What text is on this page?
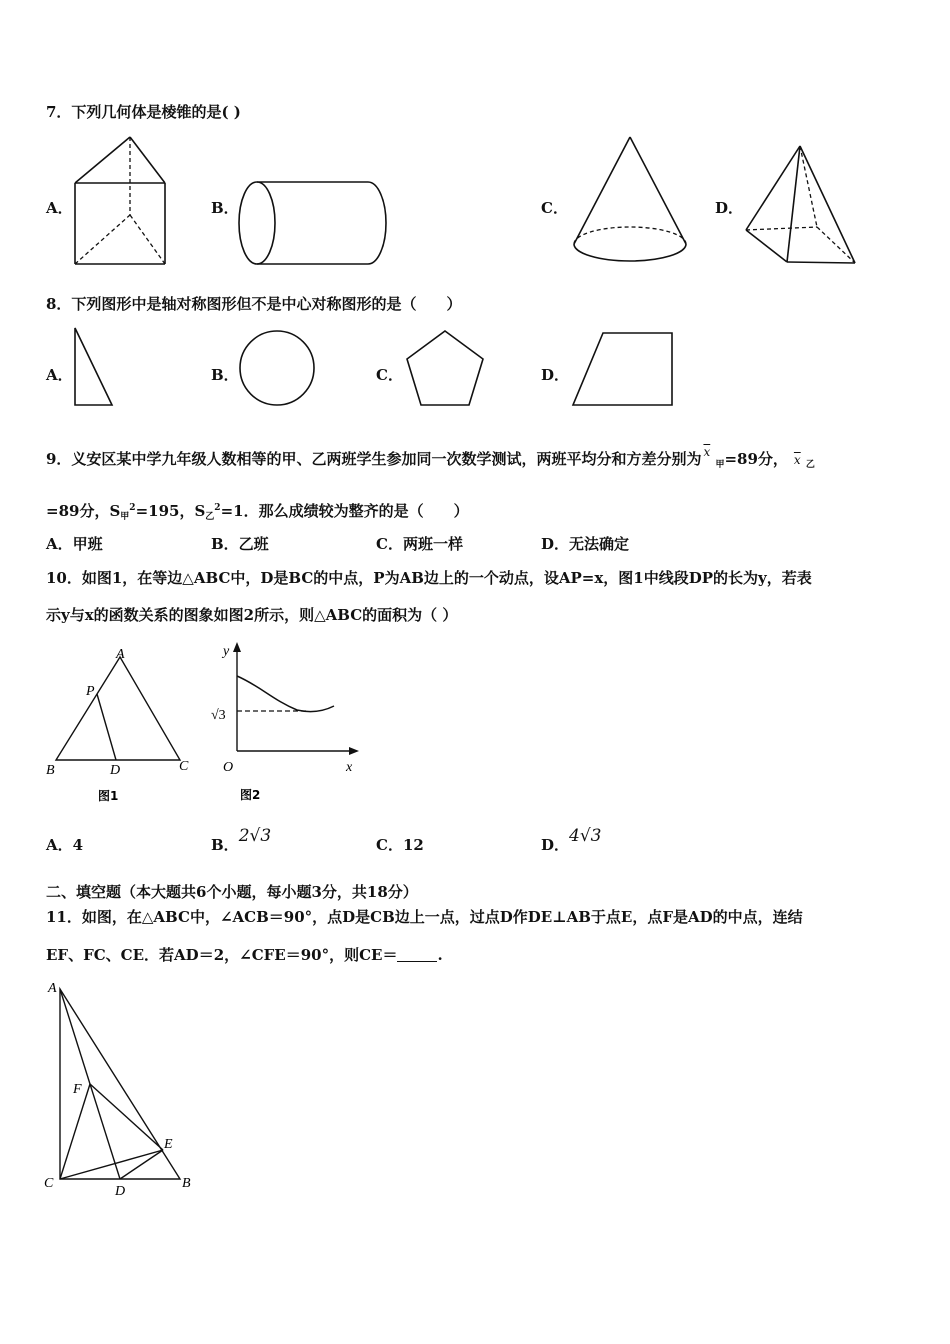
7．下列几何体是棱锥的是( )
A．	B．	C．	D．
8．下列图形中是轴对称图形但不是中心对称图形的是（　　）
A．	B．	C．	D．
9．义安区某中学九年级人数相等的甲、乙两班学生参加同一次数学测试，两班平均分和方差分别为 $\overline{x}$
$_甲$=89分， $\overline{x}$ $_乙$
=89分，$S_甲^2=195$，$S_乙^2=1$．那么成绩较为整齐的是（　　）
A．甲班	B．乙班	C．两班一样	D．无法确定
10．如图1，在等边△ABC中，D是BC的中点，P为AB边上的一个动点，设AP=x，图1中线段DP的长为y，若表
示y与x的函数关系的图象如图2所示，则△ABC的面积为（ ）
A
P
B	D	C
图1
y
O	x
√3
图2
A．4	B．2√3	C．12	D．4√3
二、填空题（本大题共6个小题，每小题3分，共18分）
11．如图，在△ABC中，∠ACB＝90°，点D是CB边上一点，过点D作DE⊥AB于点E，点F是AD的中点，连结
EF、FC、CE．若AD＝2，∠CFE＝90°，则CE＝	.
A
F
E
C
D
B
